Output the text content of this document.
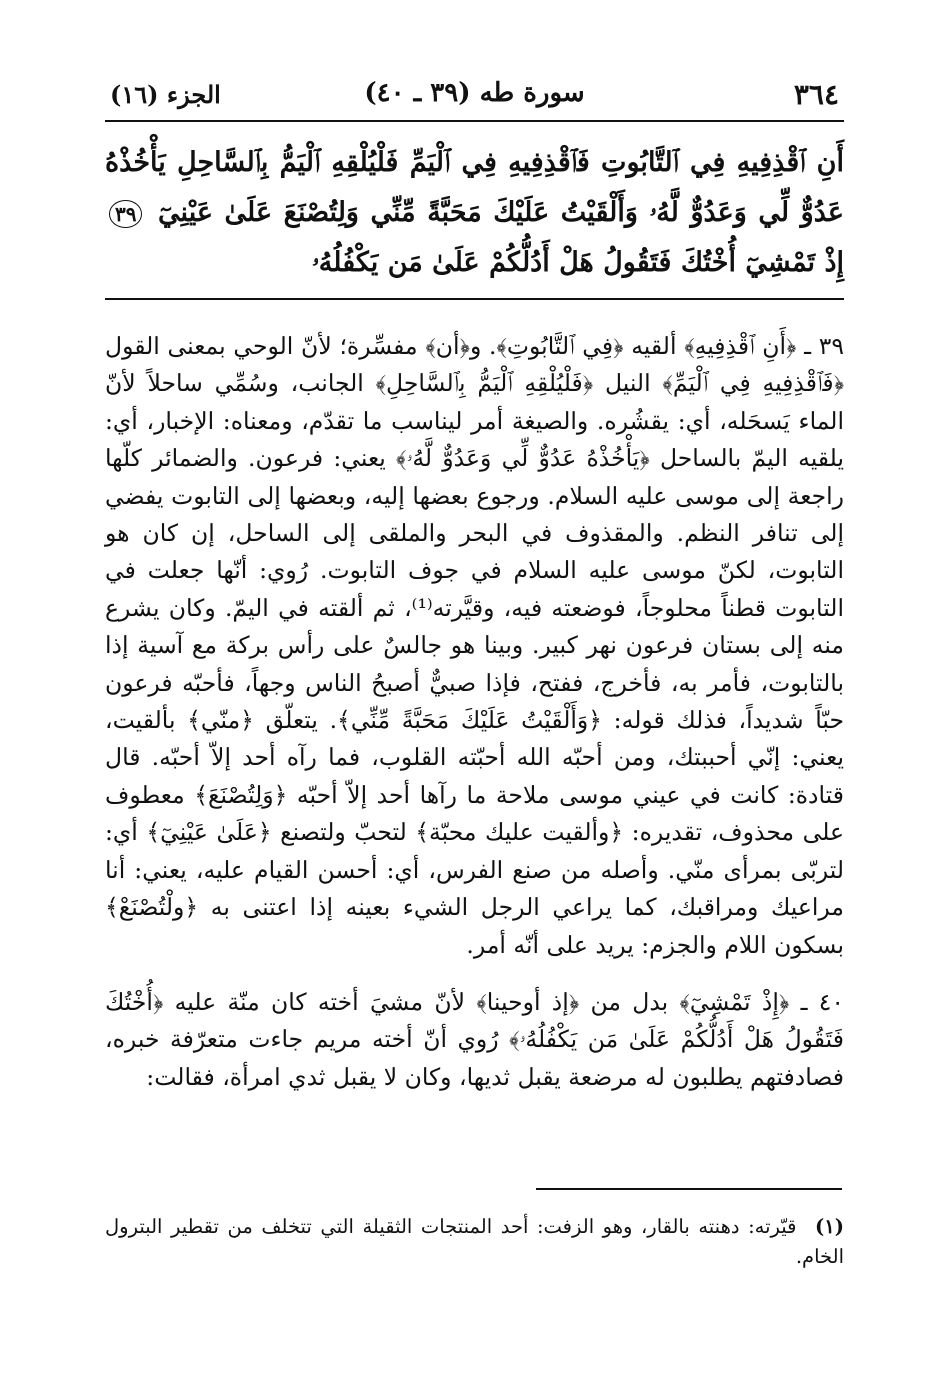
٣٦٤
سورة طه (٣٩ ـ ٤٠)
الجزء (١٦)
أَنِ ٱقْذِفِيهِ فِي ٱلتَّابُوتِ فَٱقْذِفِيهِ فِي ٱلْيَمِّ فَلْيُلْقِهِ ٱلْيَمُّ بِٱلسَّاحِلِ يَأْخُذْهُ عَدُوٌّ لِّي وَعَدُوٌّ لَّهُۥ وَأَلْقَيْتُ عَلَيْكَ مَحَبَّةً مِّنِّي وَلِتُصْنَعَ عَلَىٰ عَيْنِيٓ ٣٩ إِذْ تَمْشِيٓ أُخْتُكَ فَتَقُولُ هَلْ أَدُلُّكُمْ عَلَىٰ مَن يَكْفُلُهُۥ

٣٩ ـ ﴿أَنِ ٱقْذِفِيهِ﴾ ألقيه ﴿فِي ٱلتَّابُوتِ﴾. و﴿أن﴾ مفسِّرة؛ لأنّ الوحي بمعنى القول ﴿فَٱقْذِفِيهِ فِي ٱلْيَمِّ﴾ النيل ﴿فَلْيُلْقِهِ ٱلْيَمُّ بِٱلسَّاحِلِ﴾ الجانب، وسُمِّي ساحلاً لأنّ الماء يَسحَله، أي: يقشُره. والصيغة أمر ليناسب ما تقدّم، ومعناه: الإخبار، أي: يلقيه اليمّ بالساحل ﴿يَأْخُذْهُ عَدُوٌّ لِّي وَعَدُوٌّ لَّهُۥ﴾ يعني: فرعون. والضمائر كلّها راجعة إلى موسى عليه السلام. ورجوع بعضها إليه، وبعضها إلى التابوت يفضي إلى تنافر النظم. والمقذوف في البحر والملقى إلى الساحل، إن كان هو التابوت، لكنّ موسى عليه السلام في جوف التابوت. رُوي: أنّها جعلت في التابوت قطناً محلوجاً، فوضعته فيه، وقيَّرته⁽¹⁾، ثم ألقته في اليمّ. وكان يشرع منه إلى بستان فرعون نهر كبير. وبينا هو جالسٌ على رأس بركة مع آسية إذا بالتابوت، فأمر به، فأخرج، ففتح، فإذا صبيٌّ أصبحُ الناس وجهاً، فأحبّه فرعون حبّاً شديداً، فذلك قوله: ﴿وَأَلْقَيْتُ عَلَيْكَ مَحَبَّةً مِّنِّي﴾. يتعلّق ﴿منّي﴾ بألقيت، يعني: إنّي أحببتك، ومن أحبّه الله أحبّته القلوب، فما رآه أحد إلاّ أحبّه. قال قتادة: كانت في عيني موسى ملاحة ما رآها أحد إلاّ أحبّه ﴿وَلِتُصْنَعَ﴾ معطوف على محذوف، تقديره: ﴿وألقيت عليك محبّة﴾ لتحبّ ولتصنع ﴿عَلَىٰ عَيْنِيٓ﴾ أي: لتربّى بمرأى منّي. وأصله من صنع الفرس، أي: أحسن القيام عليه، يعني: أنا مراعيك ومراقبك، كما يراعي الرجل الشيء بعينه إذا اعتنى به ﴿ولْتُصْنَعْ﴾ بسكون اللام والجزم: يريد على أنّه أمر.

٤٠ ـ ﴿إِذْ تَمْشِيٓ﴾ بدل من ﴿إذ أوحينا﴾ لأنّ مشيَ أخته كان منّة عليه ﴿أُخْتُكَ فَتَقُولُ هَلْ أَدُلُّكُمْ عَلَىٰ مَن يَكْفُلُهُۥ﴾ رُوي أنّ أخته مريم جاءت متعرّفة خبره، فصادفتهم يطلبون له مرضعة يقبل ثديها، وكان لا يقبل ثدي امرأة، فقالت:

(١) قيّرته: دهنته بالقار، وهو الزفت: أحد المنتجات الثقيلة التي تتخلف من تقطير البترول الخام.
